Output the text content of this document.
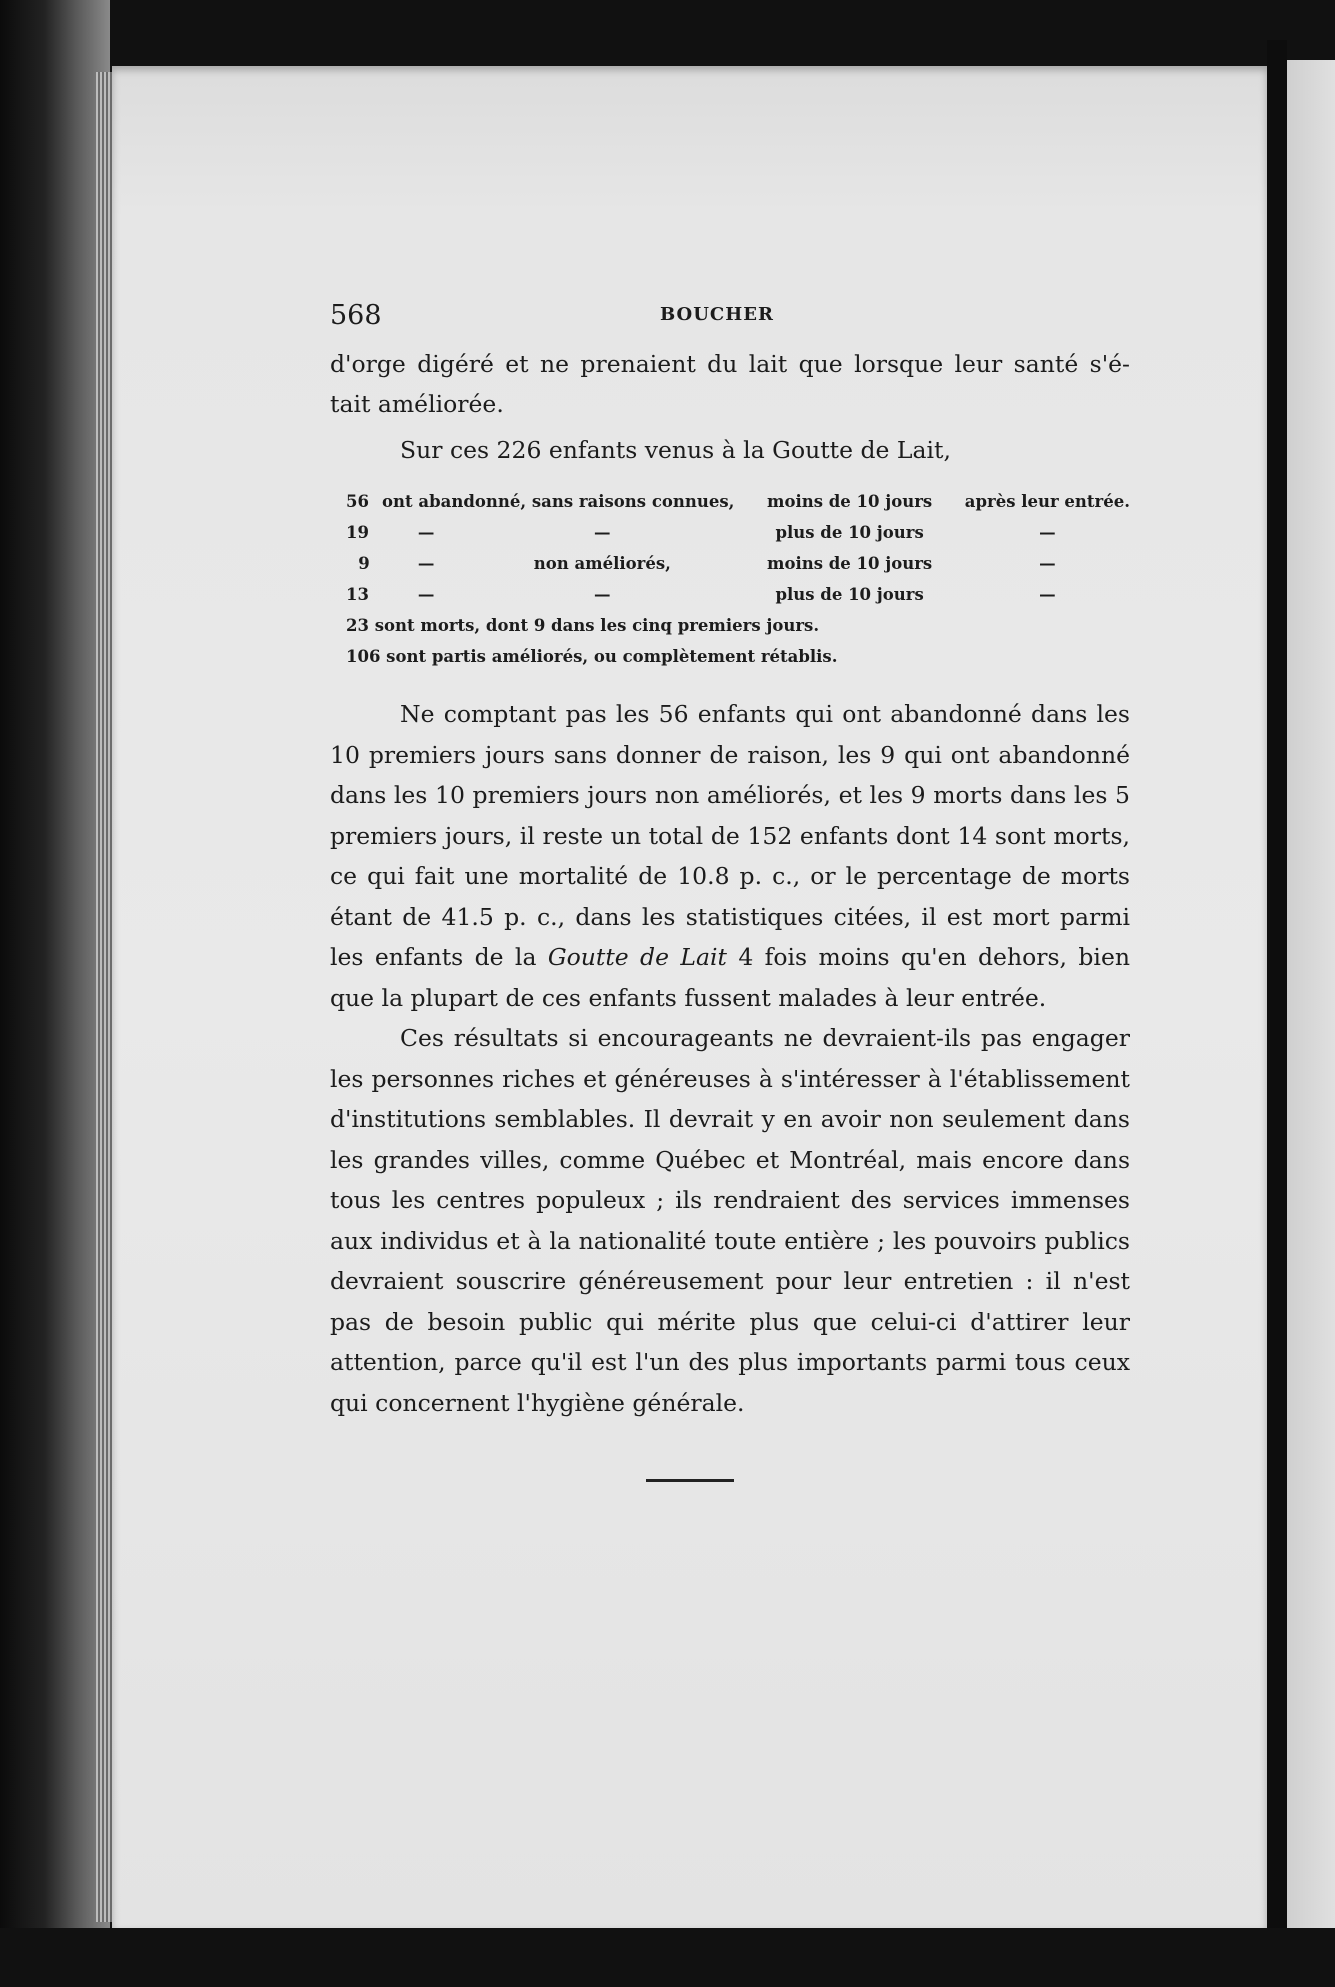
568	BOUCHER

d'orge digéré et ne prenaient du lait que lorsque leur santé s'é-

tait améliorée.

Sur ces 226 enfants venus à la Goutte de Lait,

56	ont abandonné, sans raisons connues,		moins de 10 jours	après leur entrée.
19	—	—	plus de 10 jours	—
9	—	non améliorés,	moins de 10 jours	—
13	—	—	plus de 10 jours	—
23 sont morts, dont 9 dans les cinq premiers jours.
106 sont partis améliorés, ou complètement rétablis.

Ne comptant pas les 56 enfants qui ont abandonné dans les 10 premiers jours sans donner de raison, les 9 qui ont abandonné dans les 10 premiers jours non améliorés, et les 9 morts dans les 5 premiers jours, il reste un total de 152 enfants dont 14 sont morts, ce qui fait une mortalité de 10.8 p. c., or le percentage de morts étant de 41.5 p. c., dans les statistiques citées, il est mort parmi les enfants de la Goutte de Lait 4 fois moins qu'en dehors, bien que la plupart de ces enfants fussent malades à leur entrée.

Ces résultats si encourageants ne devraient-ils pas engager les personnes riches et généreuses à s'intéresser à l'établissement d'institutions semblables. Il devrait y en avoir non seulement dans les grandes villes, comme Québec et Montréal, mais encore dans tous les centres populeux ; ils rendraient des services immenses aux individus et à la nationalité toute entière ; les pouvoirs publics devraient souscrire généreusement pour leur entretien : il n'est pas de besoin public qui mérite plus que celui-ci d'attirer leur attention, parce qu'il est l'un des plus importants parmi tous ceux qui concernent l'hygiène générale.
